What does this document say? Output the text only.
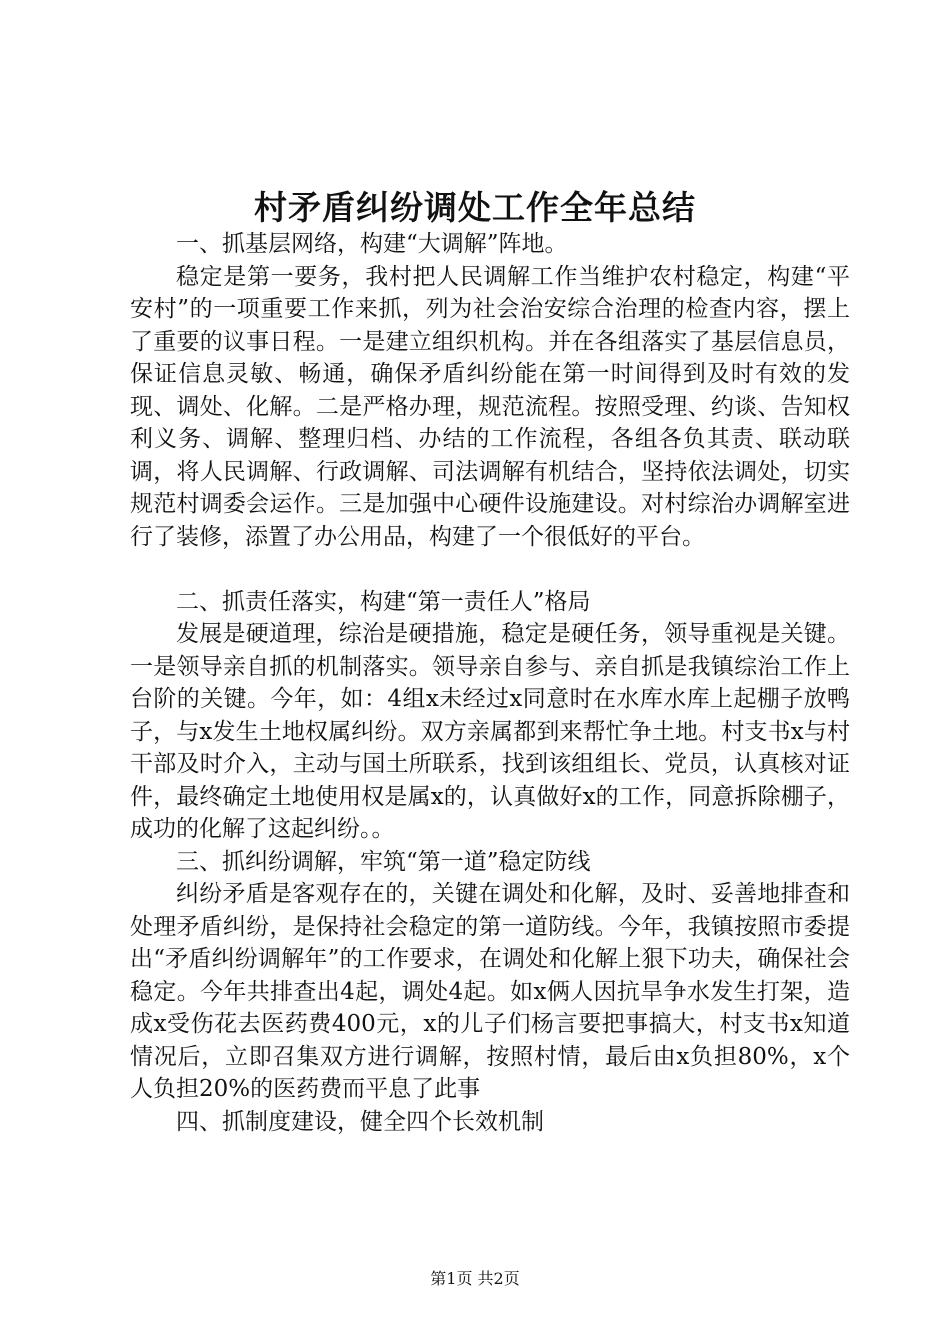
村矛盾纠纷调处工作全年总结

一、抓基层网络，构建“大调解”阵地。

稳定是第一要务，我村把人民调解工作当维护农村稳定，构建“平安村”的一项重要工作来抓，列为社会治安综合治理的检查内容，摆上了重要的议事日程。一是建立组织机构。并在各组落实了基层信息员，保证信息灵敏、畅通，确保矛盾纠纷能在第一时间得到及时有效的发现、调处、化解。二是严格办理，规范流程。按照受理、约谈、告知权利义务、调解、整理归档、办结的工作流程，各组各负其责、联动联调，将人民调解、行政调解、司法调解有机结合，坚持依法调处，切实规范村调委会运作。三是加强中心硬件设施建设。对村综治办调解室进行了装修，添置了办公用品，构建了一个很低好的平台。

二、抓责任落实，构建“第一责任人”格局

发展是硬道理，综治是硬措施，稳定是硬任务，领导重视是关键。一是领导亲自抓的机制落实。领导亲自参与、亲自抓是我镇综治工作上台阶的关键。今年，如：4组x未经过x同意时在水库水库上起棚子放鸭子，与x发生土地权属纠纷。双方亲属都到来帮忙争土地。村支书x与村干部及时介入，主动与国土所联系，找到该组组长、党员，认真核对证件，最终确定土地使用权是属x的，认真做好x的工作，同意拆除棚子，成功的化解了这起纠纷。。

三、抓纠纷调解，牢筑“第一道”稳定防线

纠纷矛盾是客观存在的，关键在调处和化解，及时、妥善地排查和处理矛盾纠纷，是保持社会稳定的第一道防线。今年，我镇按照市委提出“矛盾纠纷调解年”的工作要求，在调处和化解上狠下功夫，确保社会稳定。今年共排查出4起，调处4起。如x俩人因抗旱争水发生打架，造成x受伤花去医药费400元，x的儿子们杨言要把事搞大，村支书x知道情况后，立即召集双方进行调解，按照村情，最后由x负担80%，x个人负担20%的医药费而平息了此事

四、抓制度建设，健全四个长效机制

第1页 共2页
